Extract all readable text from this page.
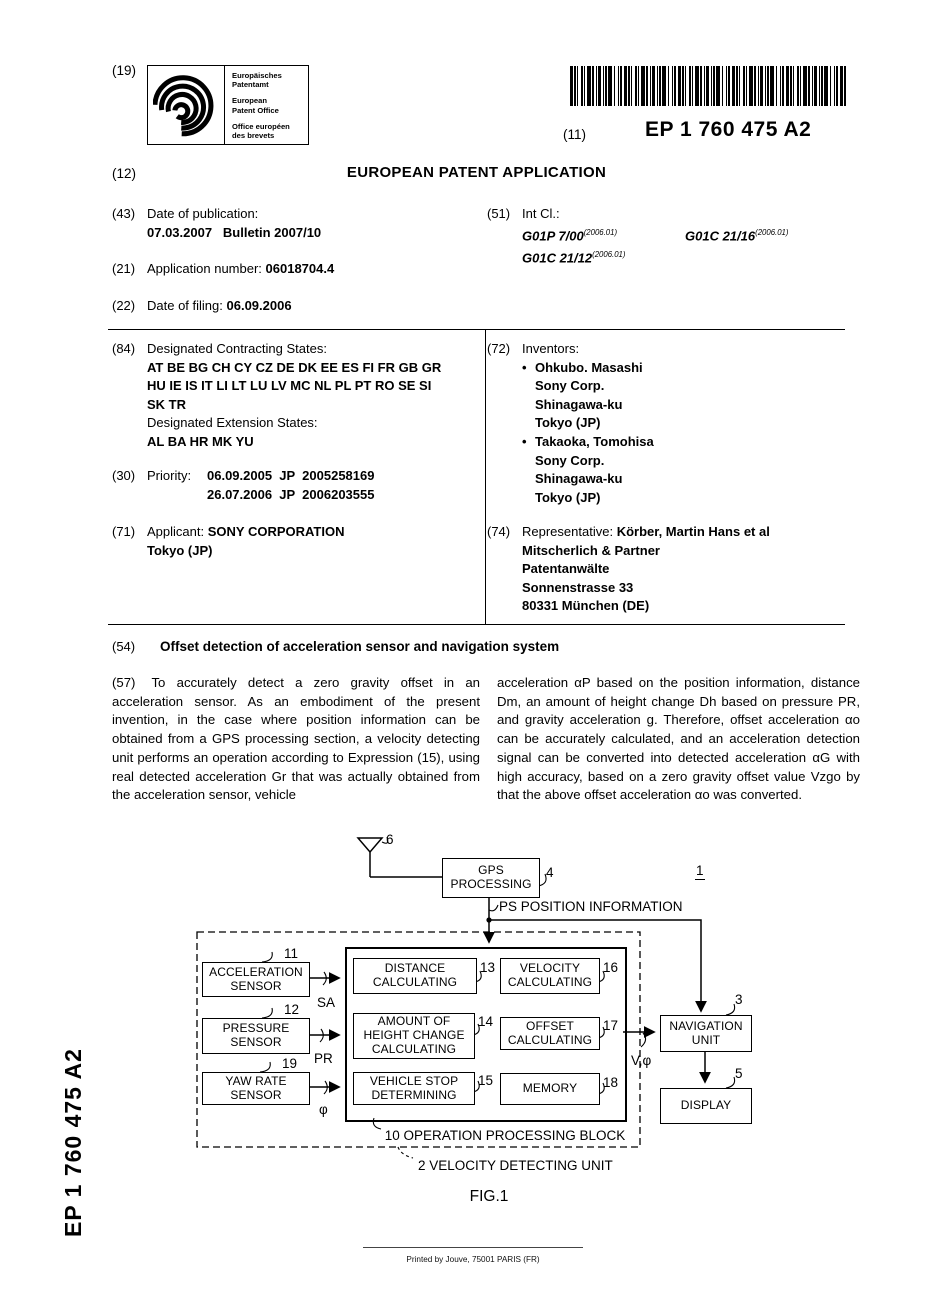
(19)	Europäisches
Patentamt
European
Patent Office
Office européen
des brevets	(11)	EP 1 760 475 A2
(12)	EUROPEAN PATENT APPLICATION
(43) Date of publication:
07.03.2007   Bulletin 2007/10
(51) Int Cl.:
G01P $7/00^{(2006.01)}$	G01C $21/16^{(2006.01)}$
G01C $21/12^{(2006.01)}$
(21) Application number: 06018704.4
(22) Date of filing: 06.09.2006
(84) Designated Contracting States:
AT BE BG CH CY CZ DE DK EE ES FI FR GB GR
HU IE IS IT LI LT LU LV MC NL PL PT RO SE SI
SK TR
Designated Extension States:
AL BA HR MK YU
(30) Priority:	06.09.2005  JP  2005258169
26.07.2006  JP  2006203555
(71) Applicant: SONY CORPORATION
Tokyo (JP)
(72) Inventors:
• Ohkubo. Masashi
Sony Corp.
Shinagawa-ku
Tokyo (JP)
• Takaoka, Tomohisa
Sony Corp.
Shinagawa-ku
Tokyo (JP)
(74) Representative: Körber, Martin Hans et al
Mitscherlich & Partner
Patentanwälte
Sonnenstrasse 33
80331 München (DE)
(54)	Offset detection of acceleration sensor and navigation system
(57) To accurately detect a zero gravity offset in an acceleration sensor. As an embodiment of the present invention, in the case where position information can be obtained from a GPS processing section, a velocity detecting unit performs an operation according to Expression (15), using real detected acceleration Gr that was actually obtained from the acceleration sensor, vehicle
acceleration αP based on the position information, distance Dm, an amount of height change Dh based on pressure PR, and gravity acceleration g. Therefore, offset acceleration αo can be accurately calculated, and an acceleration detection signal can be converted into detected acceleration αG with high accuracy, based on a zero gravity offset value Vzgo by that the above offset acceleration αo was converted.
GPS PROCESSING
ACCELERATION SENSOR
PRESSURE SENSOR
YAW RATE SENSOR
DISTANCE CALCULATING
VELOCITY CALCULATING
AMOUNT OF HEIGHT CHANGE CALCULATING
OFFSET CALCULATING
VEHICLE STOP DETERMINING	MEMORY
NAVIGATION UNIT
DISPLAY
6
4	1
11
12
19
13	16
14	17
15	18
3
5
PS POSITION INFORMATION
SA
PR
φ
V,φ
10 OPERATION PROCESSING BLOCK
2 VELOCITY DETECTING UNIT
FIG.1
EP 1 760 475 A2
Printed by Jouve, 75001 PARIS (FR)
